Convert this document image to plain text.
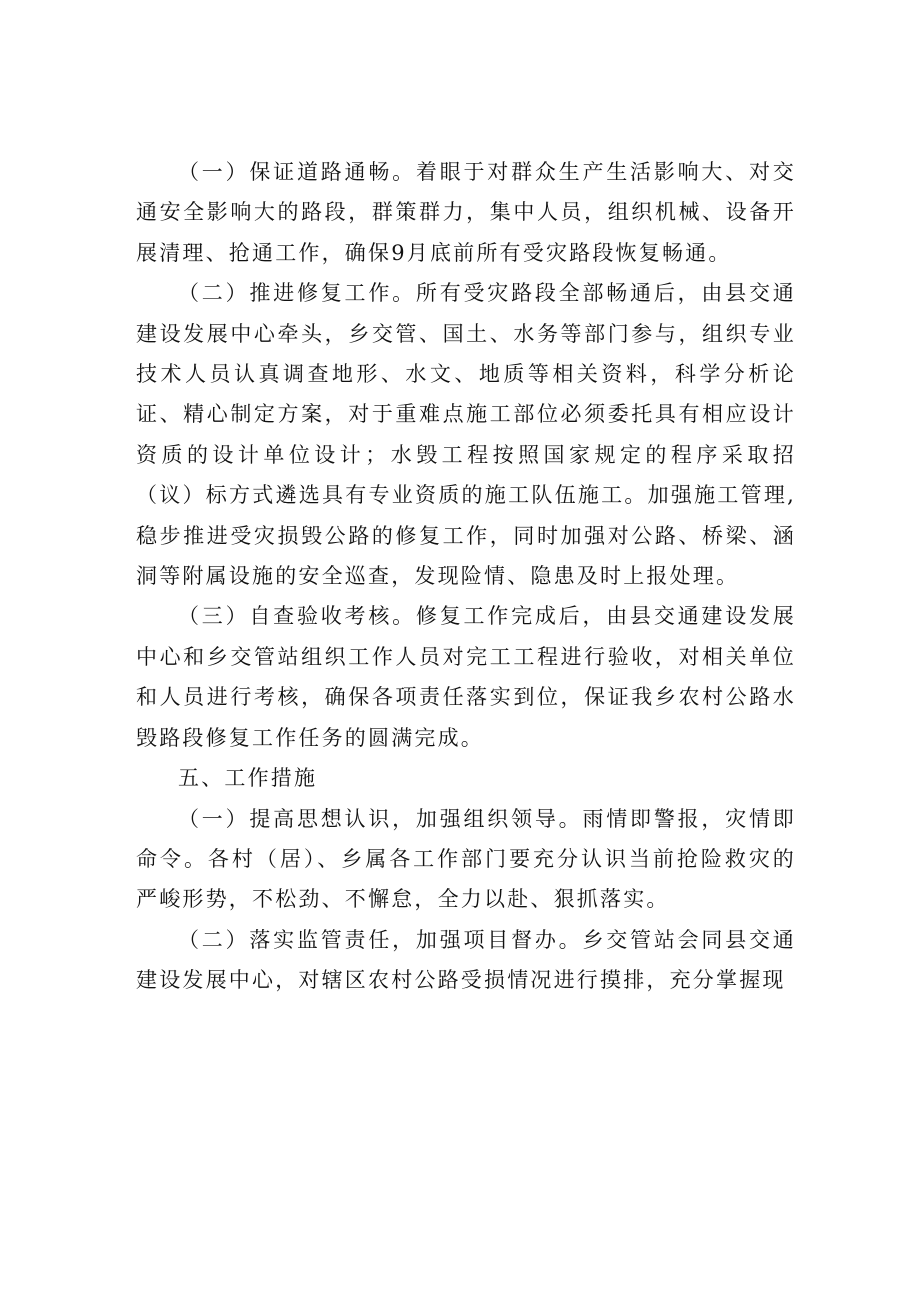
（一）保证道路通畅。着眼于对群众生产生活影响大、对交通安全影响大的路段，群策群力，集中人员，组织机械、设备开展清理、抢通工作，确保9月底前所有受灾路段恢复畅通。

（二）推进修复工作。所有受灾路段全部畅通后，由县交通建设发展中心牵头，乡交管、国土、水务等部门参与，组织专业技术人员认真调查地形、水文、地质等相关资料，科学分析论证、精心制定方案，对于重难点施工部位必须委托具有相应设计资质的设计单位设计；水毁工程按照国家规定的程序采取招（议）标方式遴选具有专业资质的施工队伍施工。加强施工管理,稳步推进受灾损毁公路的修复工作，同时加强对公路、桥梁、涵洞等附属设施的安全巡查，发现险情、隐患及时上报处理。

（三）自查验收考核。修复工作完成后，由县交通建设发展中心和乡交管站组织工作人员对完工工程进行验收，对相关单位和人员进行考核，确保各项责任落实到位，保证我乡农村公路水毁路段修复工作任务的圆满完成。

五、工作措施

（一）提高思想认识，加强组织领导。雨情即警报，灾情即命令。各村（居）、乡属各工作部门要充分认识当前抢险救灾的严峻形势，不松劲、不懈怠，全力以赴、狠抓落实。

（二）落实监管责任，加强项目督办。乡交管站会同县交通建设发展中心，对辖区农村公路受损情况进行摸排，充分掌握现
